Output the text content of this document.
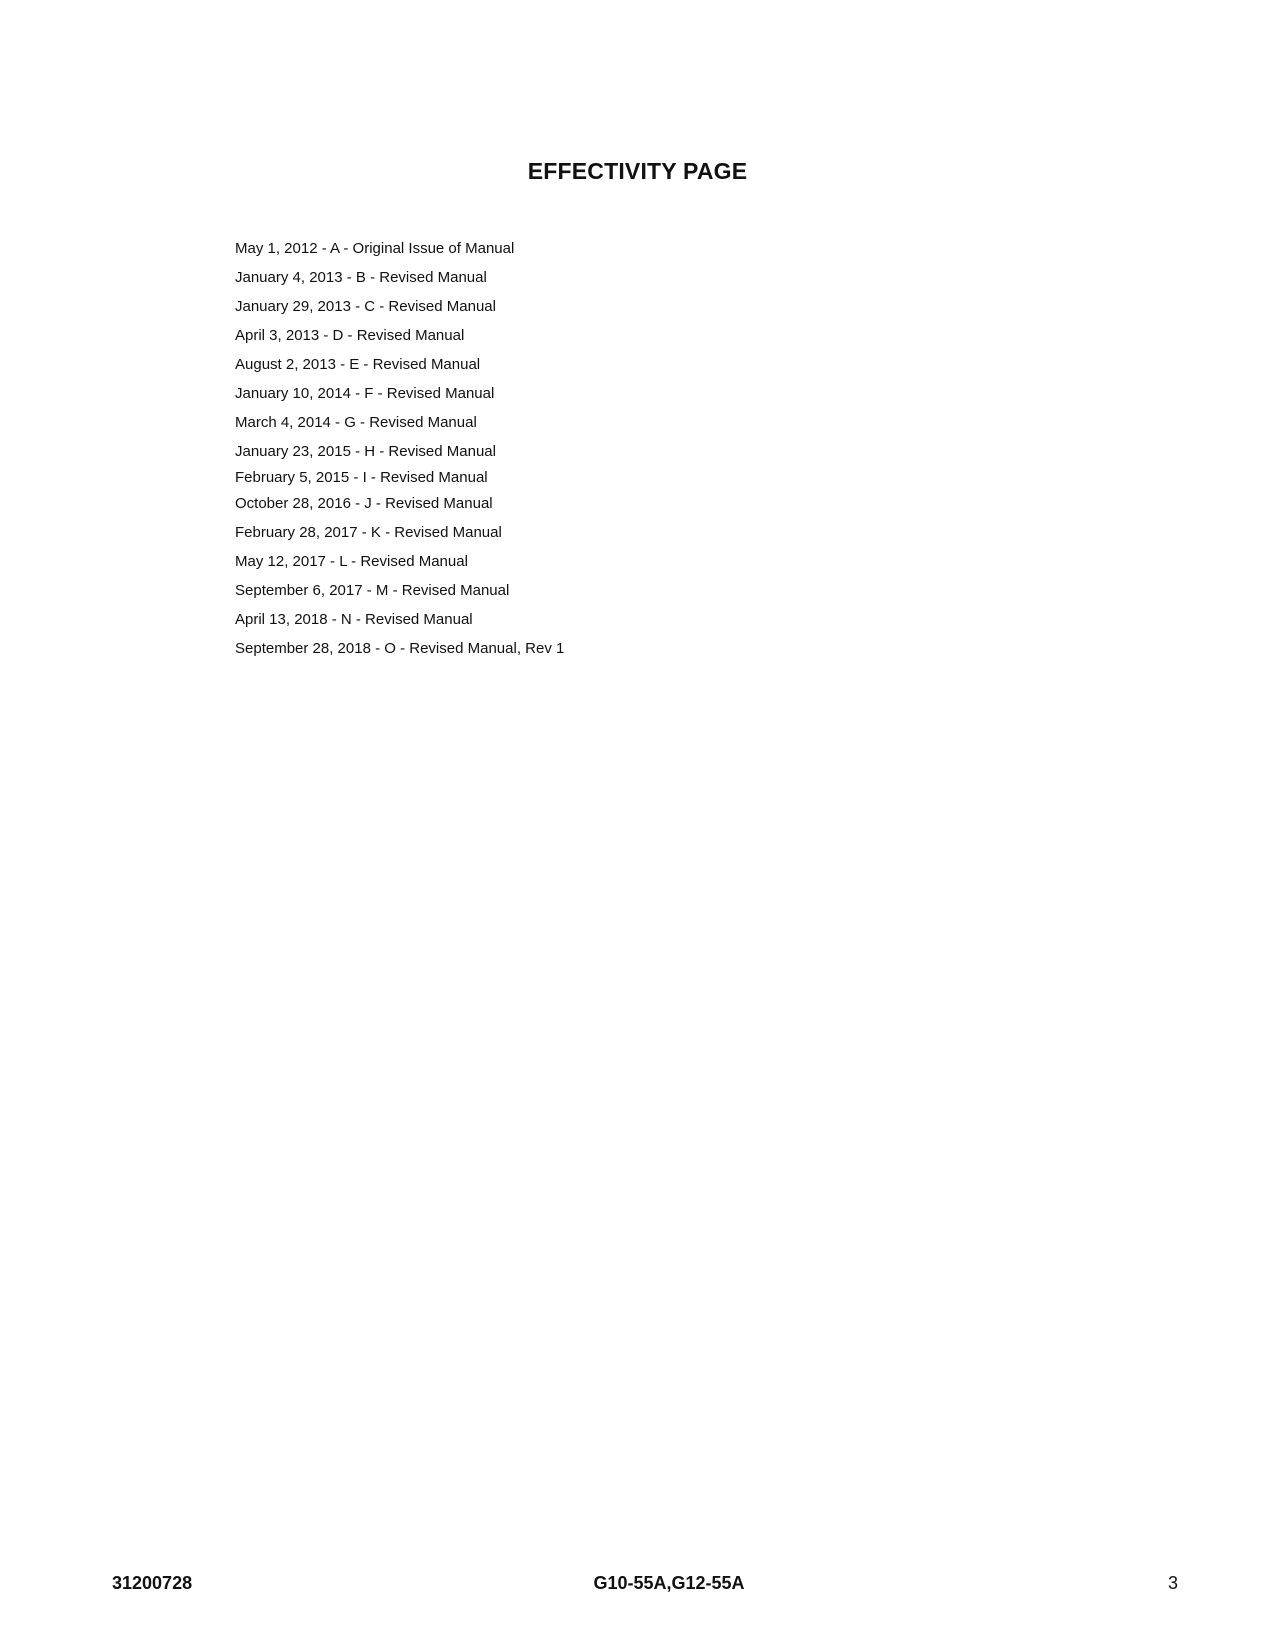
EFFECTIVITY PAGE
May 1, 2012 - A - Original Issue of Manual
January 4, 2013 - B - Revised Manual
January 29, 2013 - C - Revised Manual
April 3, 2013 - D - Revised Manual
August 2, 2013 - E - Revised Manual
January 10, 2014 - F - Revised Manual
March 4, 2014 - G - Revised Manual
January 23, 2015 - H - Revised Manual
February 5, 2015 - I - Revised Manual
October 28, 2016 - J - Revised Manual
February 28, 2017 - K - Revised Manual
May 12, 2017 - L - Revised Manual
September 6, 2017 - M - Revised Manual
April 13, 2018 - N - Revised Manual
September 28, 2018 - O - Revised Manual, Rev 1
31200728	G10-55A,G12-55A	3
